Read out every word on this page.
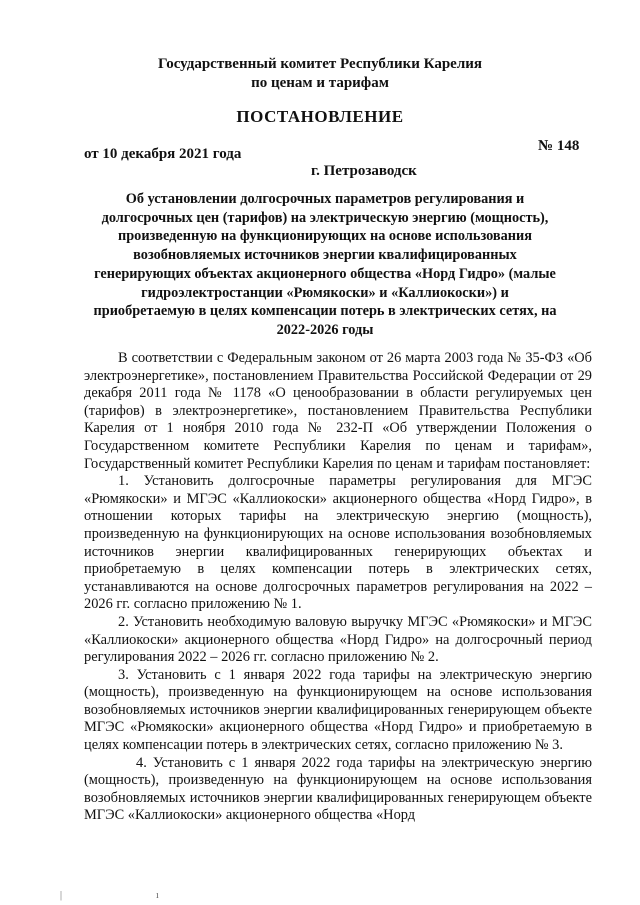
Государственный комитет Республики Карелия
по ценам и тарифам
ПОСТАНОВЛЕНИЕ
от 10 декабря 2021 года	№ 148
г. Петрозаводск
Об установлении долгосрочных параметров регулирования и долгосрочных цен (тарифов) на электрическую энергию (мощность), произведенную на функционирующих на основе использования возобновляемых источников энергии квалифицированных генерирующих объектах акционерного общества «Норд Гидро» (малые гидроэлектростанции «Рюмякоски» и «Каллиокоски») и приобретаемую в целях компенсации потерь в электрических сетях, на 2022-2026 годы

В соответствии с Федеральным законом от 26 марта 2003 года № 35-ФЗ «Об электроэнергетике», постановлением Правительства Российской Федерации от 29 декабря 2011 года № 1178 «О ценообразовании в области регулируемых цен (тарифов) в электроэнергетике», постановлением Правительства Республики Карелия от 1 ноября 2010 года № 232-П «Об утверждении Положения о Государственном комитете Республики Карелия по ценам и тарифам», Государственный комитет Республики Карелия по ценам и тарифам постановляет:

1. Установить долгосрочные параметры регулирования для МГЭС «Рюмякоски» и МГЭС «Каллиокоски» акционерного общества «Норд Гидро», в отношении которых тарифы на электрическую энергию (мощность), произведенную на функционирующих на основе использования возобновляемых источников энергии квалифицированных генерирующих объектах и приобретаемую в целях компенсации потерь в электрических сетях, устанавливаются на основе долгосрочных параметров регулирования на 2022 – 2026 гг. согласно приложению № 1.

2. Установить необходимую валовую выручку МГЭС «Рюмякоски» и МГЭС «Каллиокоски» акционерного общества «Норд Гидро» на долгосрочный период регулирования 2022 – 2026 гг. согласно приложению № 2.

3. Установить с 1 января 2022 года тарифы на электрическую энергию (мощность), произведенную на функционирующем на основе использования возобновляемых источников энергии квалифицированных генерирующем объекте МГЭС «Рюмякоски» акционерного общества «Норд Гидро» и приобретаемую в целях компенсации потерь в электрических сетях, согласно приложению № 3.

4. Установить с 1 января 2022 года тарифы на электрическую энергию (мощность), произведенную на функционирующем на основе использования возобновляемых источников энергии квалифицированных генерирующем объекте МГЭС «Каллиокоски» акционерного общества «Норд

|	ı
